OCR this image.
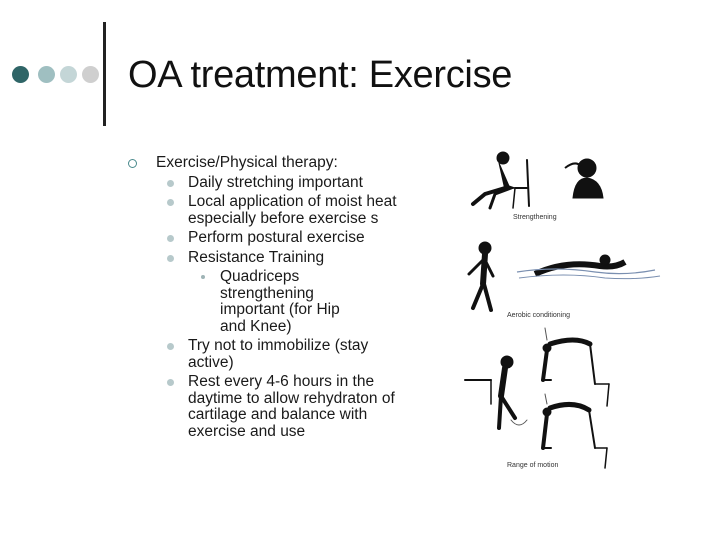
OA treatment: Exercise

Exercise/Physical therapy:

Daily stretching important

Local application of moist heat especially before exercise s

Perform postural exercise

Resistance Training

Quadriceps strengthening important (for Hip and Knee)

Try not to immobilize (stay active)

Rest every 4-6 hours in the daytime to allow rehydraton of cartilage and balance with exercise and use

Strengthening
Aerobic conditioning
Range of motion
